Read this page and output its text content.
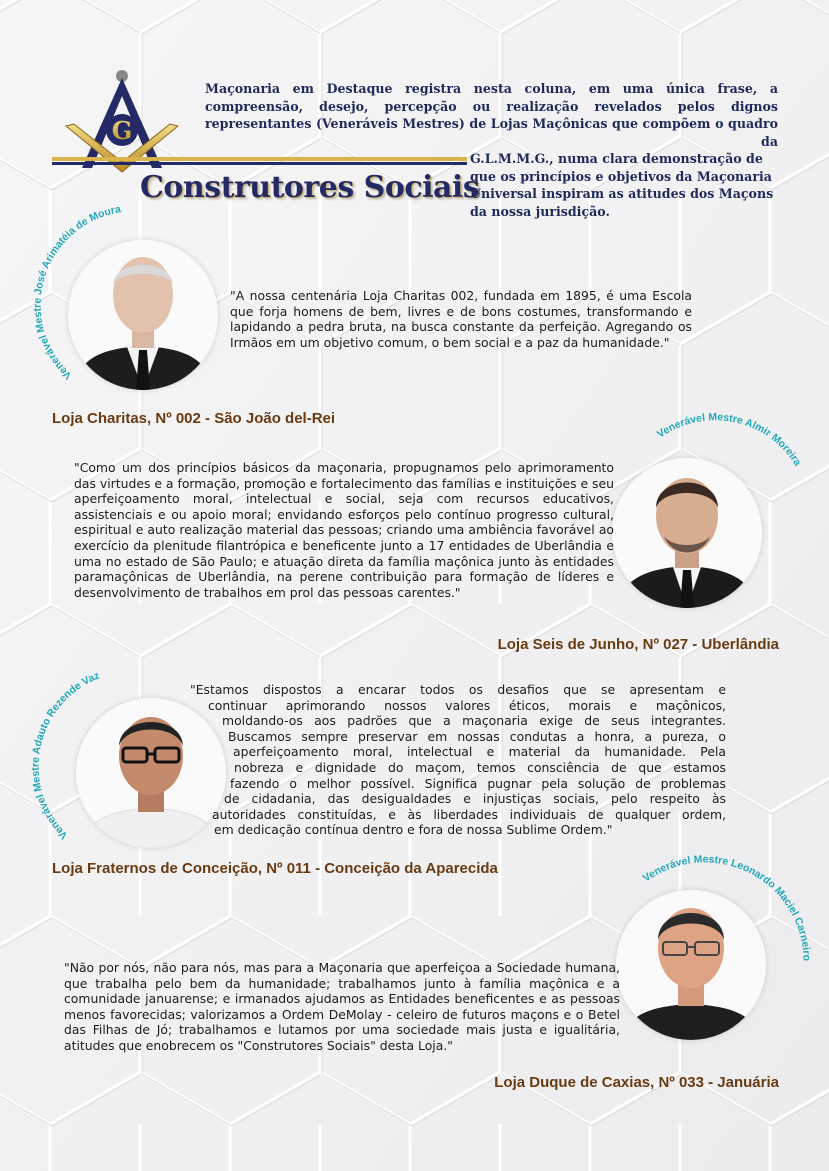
G
Construtores Sociais
Maçonaria em Destaque registra nesta coluna, em uma única frase, a compreensão, desejo, percepção ou realização revelados pelos dignos representantes (Veneráveis Mestres) de Lojas Maçônicas que compõem o quadro da
G.L.M.M.G., numa clara demonstração de que os princípios e objetivos da Maçonaria Universal inspiram as atitudes dos Maçons da nossa jurisdição.
Venerável Mestre José Arimatéia de Moura
"A nossa centenária Loja Charitas 002, fundada em 1895, é uma Escola que forja homens de bem, livres e de bons costumes, transformando e lapidando a pedra bruta, na busca constante da perfeição. Agregando os Irmãos em um objetivo comum, o bem social e a paz da humanidade."
Loja Charitas, Nº 002 - São João del-Rei
Venerável Mestre Almir Moreira
"Como um dos princípios básicos da maçonaria, propugnamos pelo aprimoramento das virtudes e a formação, promoção e fortalecimento das famílias e instituições e seu aperfeiçoamento moral, intelectual e social, seja com recursos educativos, assistenciais e ou apoio moral; envidando esforços pelo contínuo progresso cultural, espiritual e auto realização material das pessoas; criando uma ambiência favorável ao exercício da plenitude filantrópica e beneficente junto a 17 entidades de Uberlândia e uma no estado de São Paulo; e atuação direta da família maçônica junto às entidades paramaçônicas de Uberlândia, na perene contribuição para formação de líderes e desenvolvimento de trabalhos em prol das pessoas carentes."
Loja Seis de Junho, Nº 027 - Uberlândia
Venerável Mestre Adauto Rezende Vaz
"Estamos dispostos a encarar todos os desafios que se apresentam e
continuar aprimorando nossos valores éticos, morais e maçônicos,
moldando-os aos padrões que a maçonaria exige de seus integrantes.
Buscamos sempre preservar em nossas condutas a honra, a pureza, o
aperfeiçoamento moral, intelectual e material da humanidade. Pela
nobreza e dignidade do maçom, temos consciência de que estamos
fazendo o melhor possível. Significa pugnar pela solução de problemas
de cidadania, das desigualdades e injustiças sociais, pelo respeito às
autoridades constituídas, e às liberdades individuais de qualquer ordem,
em dedicação contínua dentro e fora de nossa Sublime Ordem."
Loja Fraternos de Conceição, Nº 011 - Conceição da Aparecida
Venerável Mestre Leonardo Maciel Carneiro
"Não por nós, não para nós, mas para a Maçonaria que aperfeiçoa a Sociedade humana, que trabalha pelo bem da humanidade; trabalhamos junto à família maçônica e a comunidade januarense; e irmanados ajudamos as Entidades beneficentes e as pessoas menos favorecidas; valorizamos a Ordem DeMolay - celeiro de futuros maçons e o Betel das Filhas de Jó; trabalhamos e lutamos por uma sociedade mais justa e igualitária, atitudes que enobrecem os "Construtores Sociais" desta Loja."
Loja Duque de Caxias, Nº 033 - Januária
